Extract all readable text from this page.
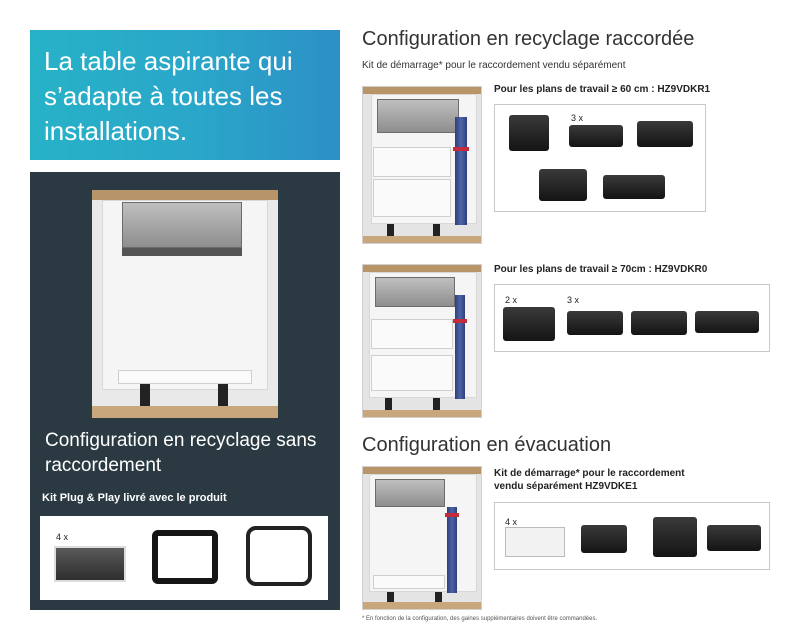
La table aspirante qui s’adapte à toutes les installations.
Configuration en recyclage sans raccordement
Kit Plug & Play livré avec le produit
4 x
Configuration en recyclage raccordée
Kit de démarrage* pour le raccordement vendu séparément
Pour les plans de travail ≥ 60 cm : HZ9VDKR1
3 x
Pour les plans de travail ≥ 70cm : HZ9VDKR0
2 x	3 x
Configuration en évacuation
Kit de démarrage* pour le raccordement
vendu séparément HZ9VDKE1
4 x
* En fonction de la configuration, des gaines supplémentaires doivent être commandées.
